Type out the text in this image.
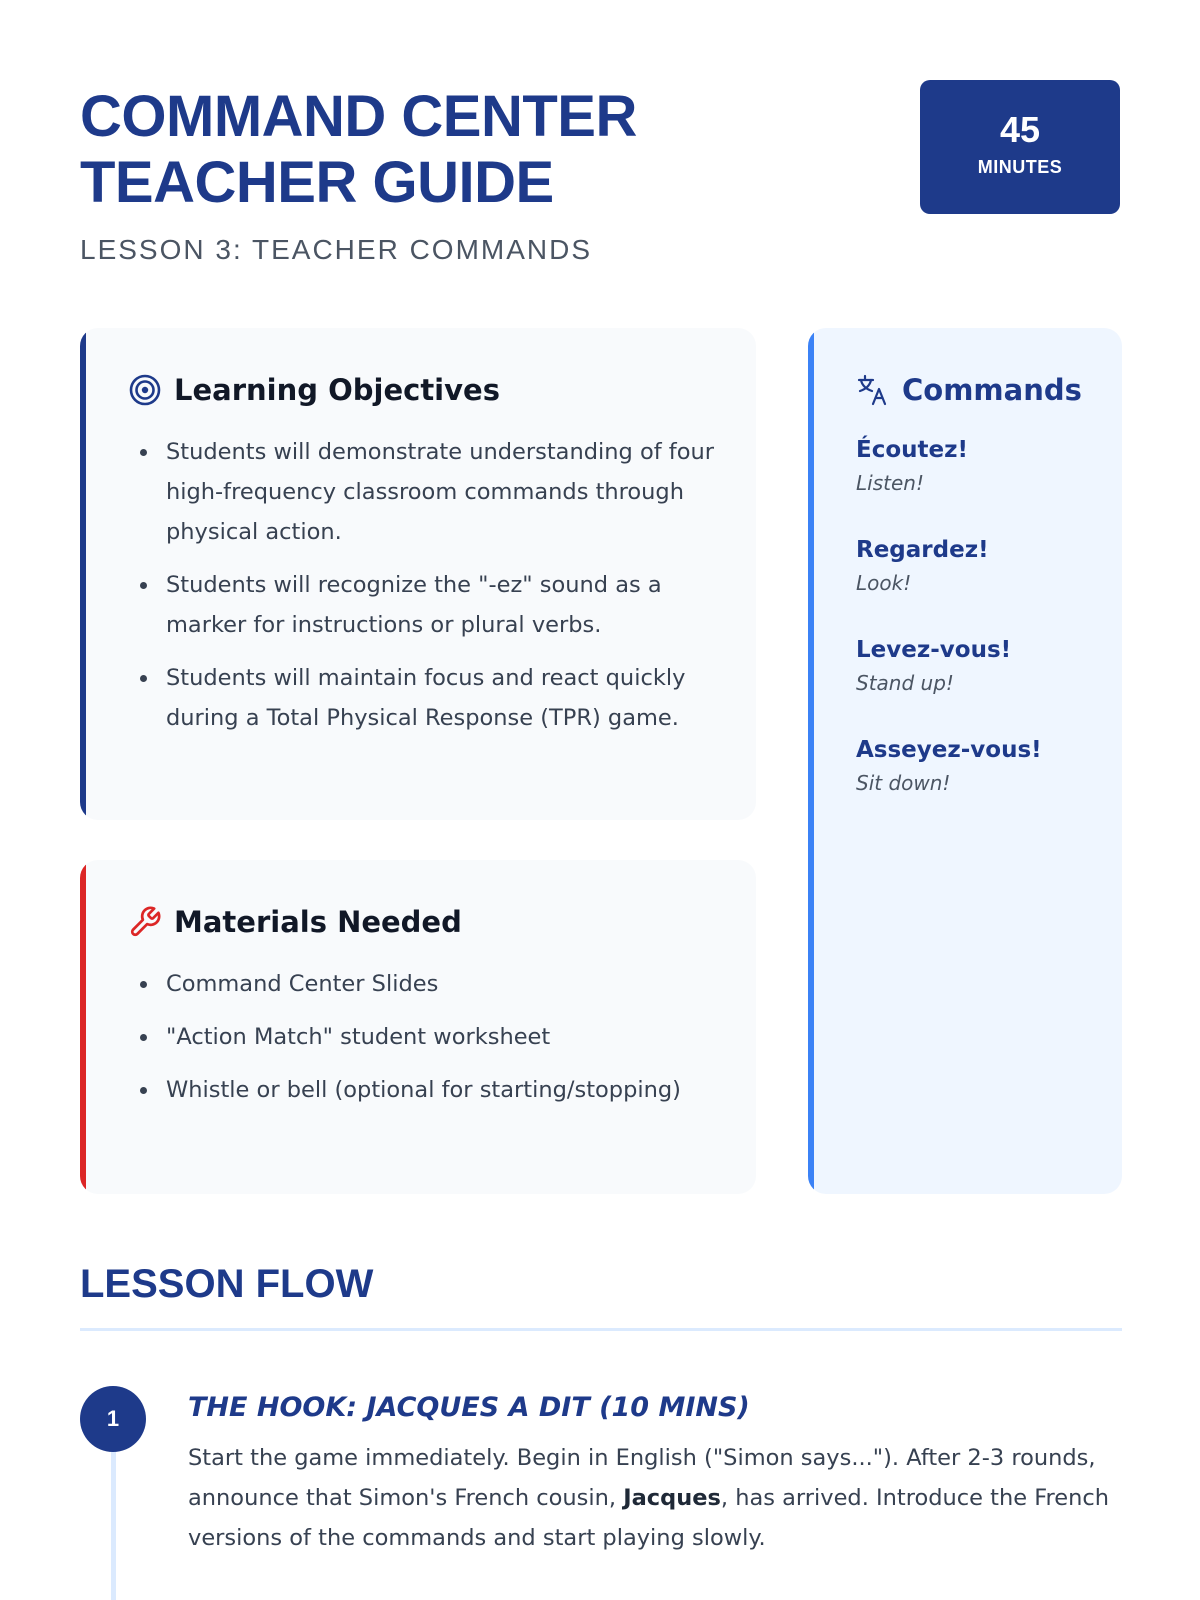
COMMAND CENTER
TEACHER GUIDE
LESSON 3: TEACHER COMMANDS
45
MINUTES
Learning Objectives
Students will demonstrate understanding of four high-frequency classroom commands through physical action.
Students will recognize the "-ez" sound as a marker for instructions or plural verbs.
Students will maintain focus and react quickly during a Total Physical Response (TPR) game.
Materials Needed
Command Center Slides
"Action Match" student worksheet
Whistle or bell (optional for starting/stopping)
Commands
Écoutez!
Listen!
Regardez!
Look!
Levez-vous!
Stand up!
Asseyez-vous!
Sit down!
LESSON FLOW
1	THE HOOK: JACQUES A DIT (10 MINS)
Start the game immediately. Begin in English ("Simon says..."). After 2-3 rounds, announce that Simon's French cousin, Jacques, has arrived. Introduce the French versions of the commands and start playing slowly.
